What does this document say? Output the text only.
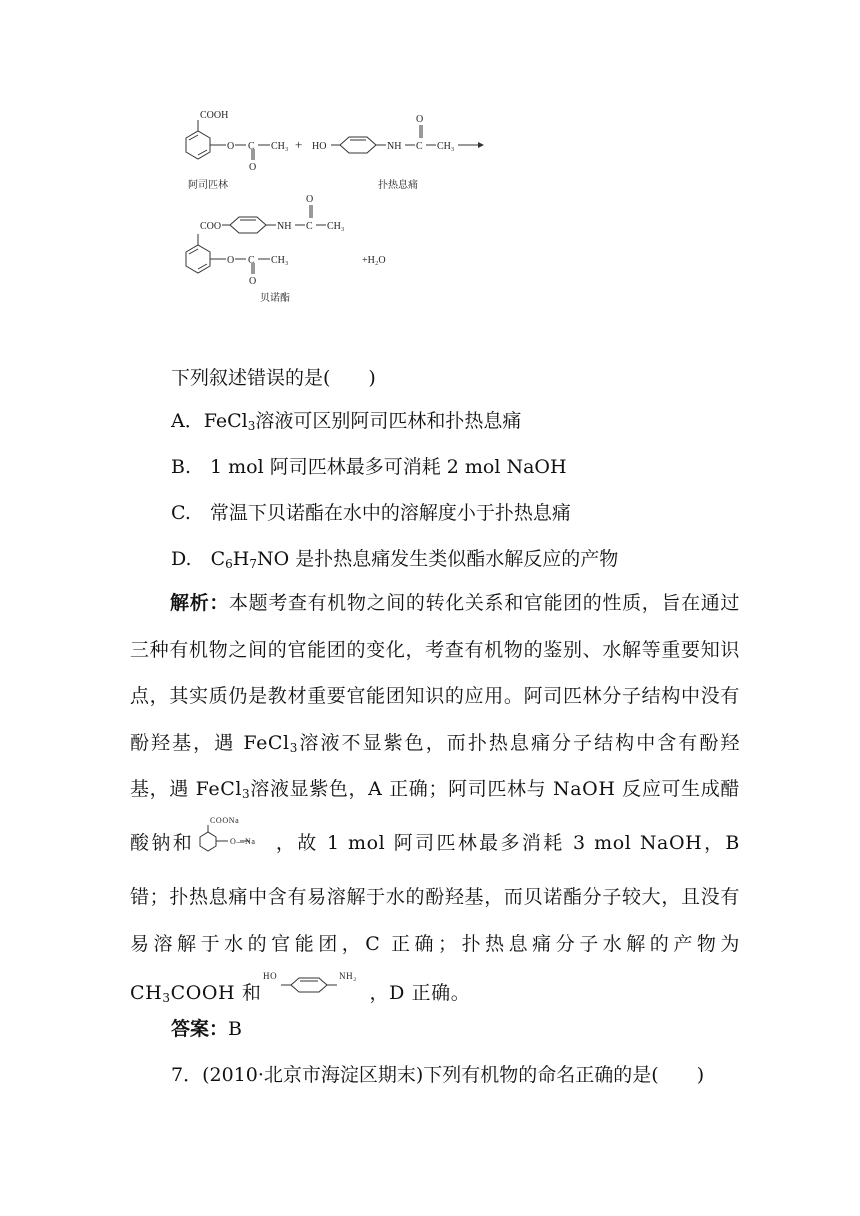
COOH
O C
O
CH₃ + HO	NH
O
C CH₃
阿司匹林	扑热息痛
COO	NH
O
C CH₃
O C
O
CH₃	+H₂O
贝诺酯
下列叙述错误的是(　　)
A．FeCl$_3$溶液可区别阿司匹林和扑热息痛
B.　1 mol 阿司匹林最多可消耗 2 mol NaOH
C.　常温下贝诺酯在水中的溶解度小于扑热息痛
D.　$C_6H_7NO$ 是扑热息痛发生类似酯水解反应的产物
解析：本题考查有机物之间的转化关系和官能团的性质，旨在通过三种有机物之间的官能团的变化，考查有机物的鉴别、水解等重要知识点，其实质仍是教材重要官能团知识的应用。阿司匹林分子结构中没有酚羟基，遇 FeCl$_3$溶液不显紫色，而扑热息痛分子结构中含有酚羟基，遇 FeCl$_3$溶液显紫色，A 正确；阿司匹林与 NaOH 反应可生成醋酸钠和
COONa
O—Na ，故 1 mol 阿司匹林最多消耗 3 mol NaOH，B 错；扑热息痛中含有易溶解于水的酚羟基，而贝诺酯分子较大，且没有易溶解于水的官能团，C 正确；扑热息痛分子水解的产物为 $CH_3COOH$ 和
HO	NH₂
，D 正确。
答案：B
7．(2010·北京市海淀区期末)下列有机物的命名正确的是(　　)
